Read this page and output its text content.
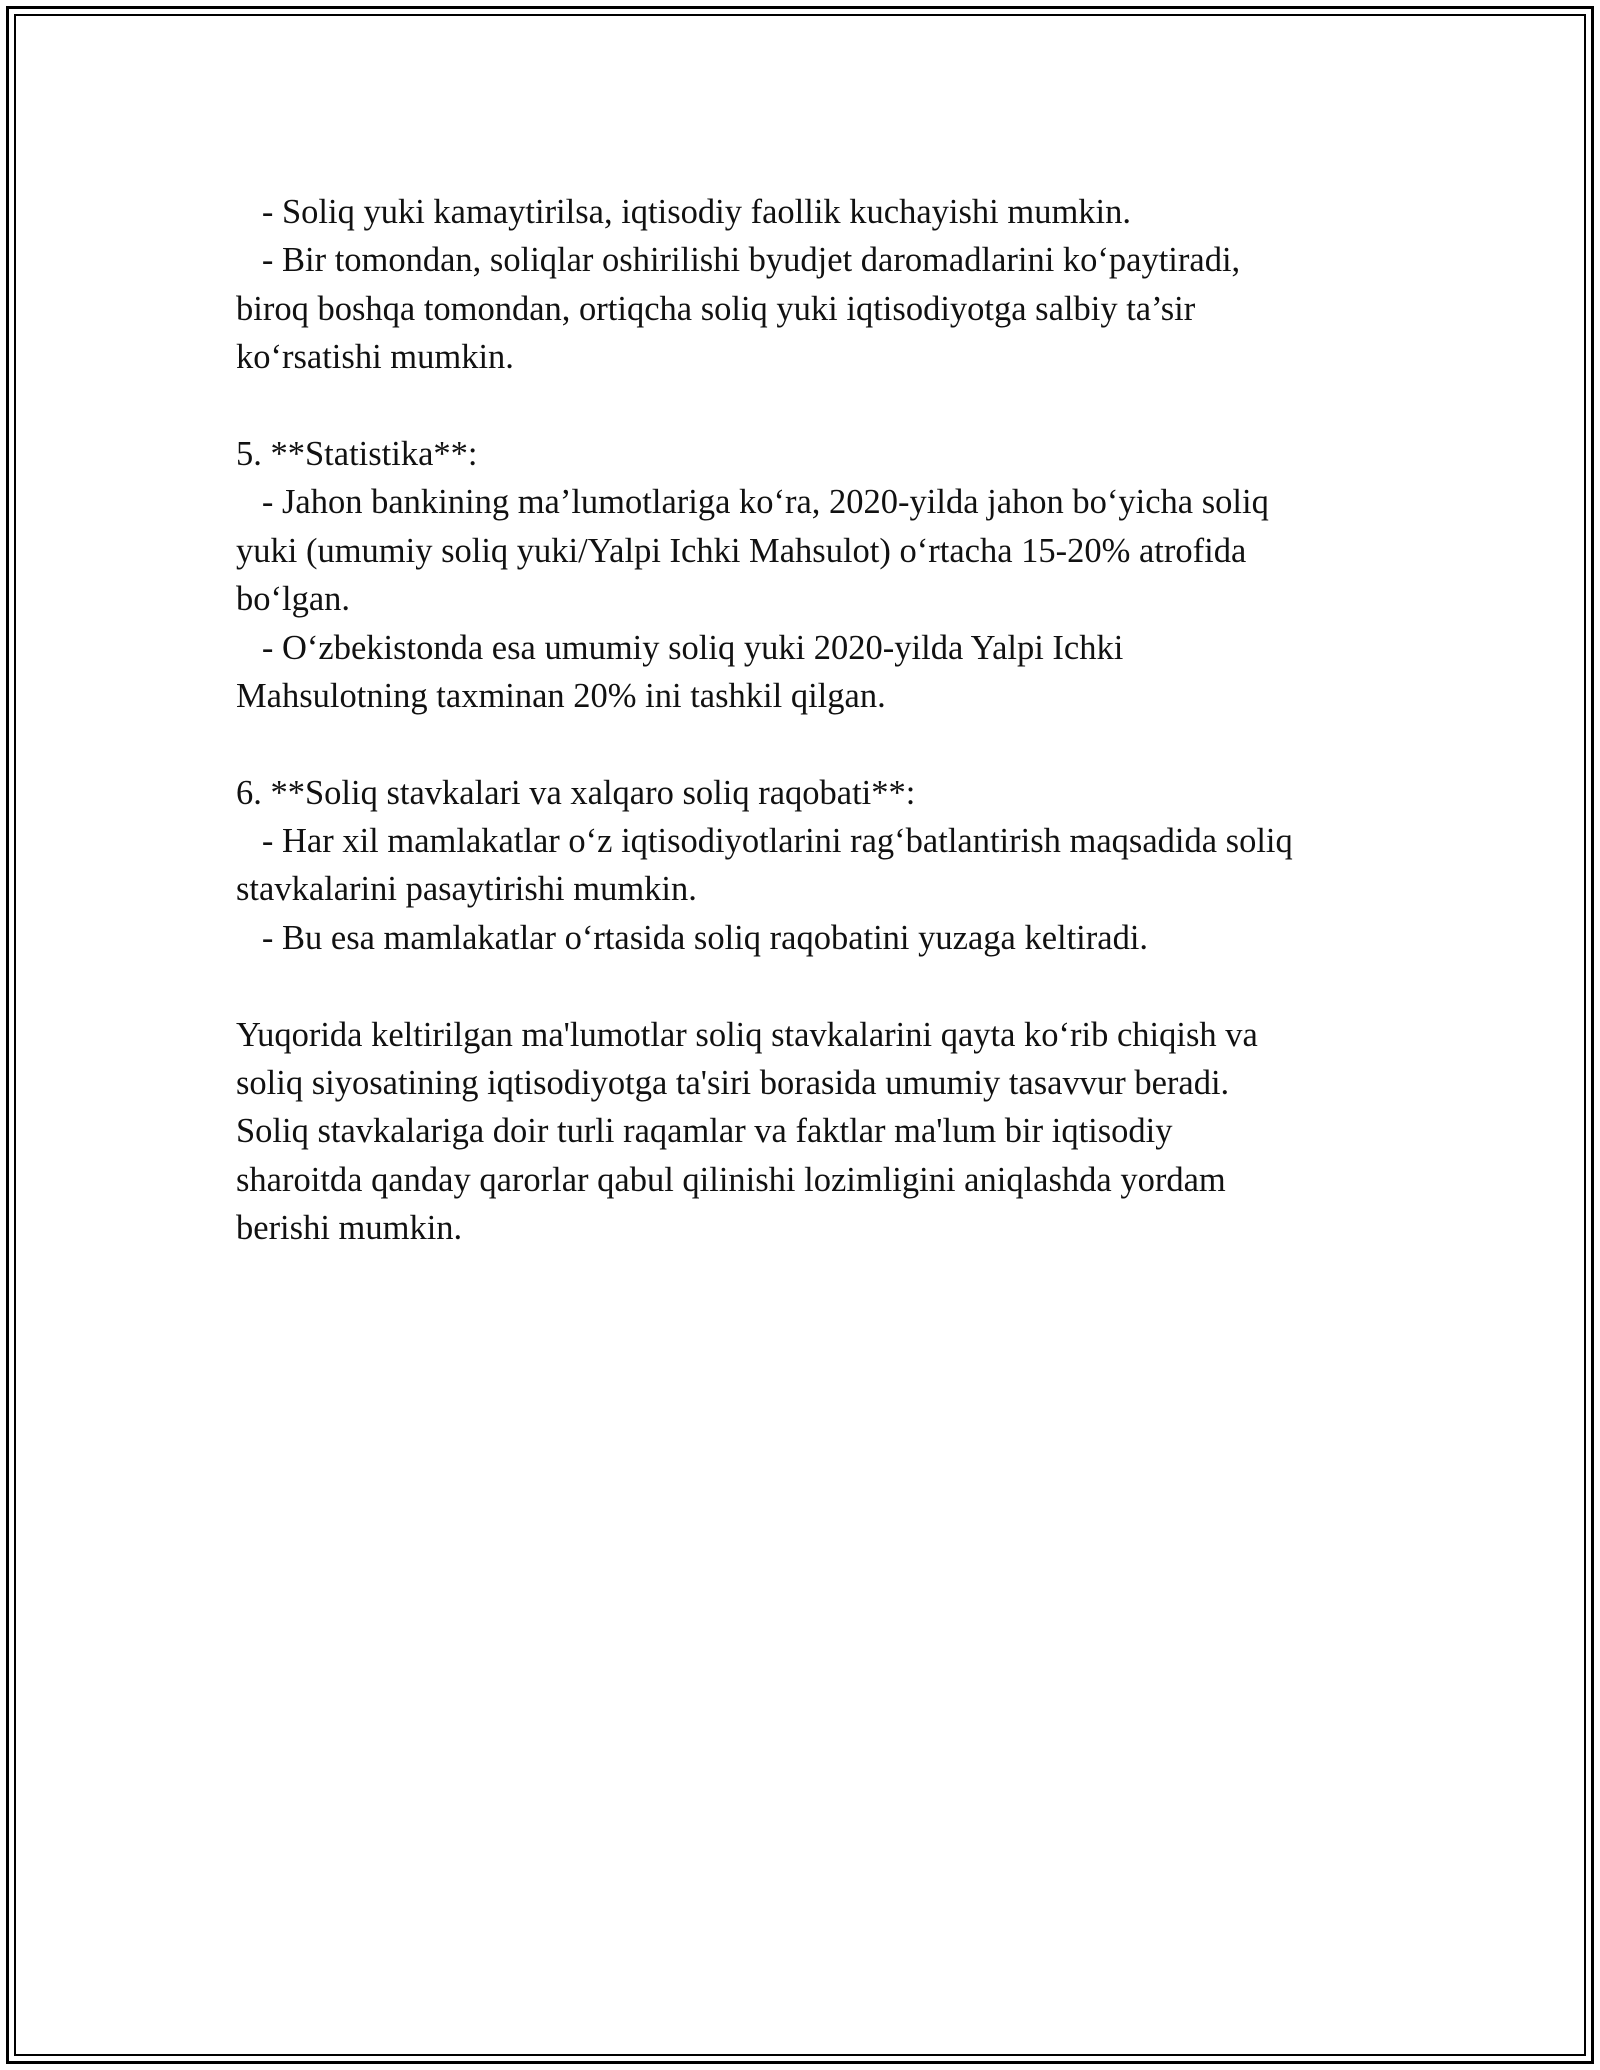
- Soliq yuki kamaytirilsa, iqtisodiy faollik kuchayishi mumkin.
- Bir tomondan, soliqlar oshirilishi byudjet daromadlarini ko‘paytiradi,
biroq boshqa tomondan, ortiqcha soliq yuki iqtisodiyotga salbiy ta’sir
ko‘rsatishi mumkin.
5. **Statistika**:
- Jahon bankining ma’lumotlariga ko‘ra, 2020-yilda jahon bo‘yicha soliq
yuki (umumiy soliq yuki/Yalpi Ichki Mahsulot) o‘rtacha 15-20% atrofida
bo‘lgan.
- O‘zbekistonda esa umumiy soliq yuki 2020-yilda Yalpi Ichki
Mahsulotning taxminan 20% ini tashkil qilgan.
6. **Soliq stavkalari va xalqaro soliq raqobati**:
- Har xil mamlakatlar o‘z iqtisodiyotlarini rag‘batlantirish maqsadida soliq
stavkalarini pasaytirishi mumkin.
- Bu esa mamlakatlar o‘rtasida soliq raqobatini yuzaga keltiradi.
Yuqorida keltirilgan ma'lumotlar soliq stavkalarini qayta ko‘rib chiqish va
soliq siyosatining iqtisodiyotga ta'siri borasida umumiy tasavvur beradi.
Soliq stavkalariga doir turli raqamlar va faktlar ma'lum bir iqtisodiy
sharoitda qanday qarorlar qabul qilinishi lozimligini aniqlashda yordam
berishi mumkin.
